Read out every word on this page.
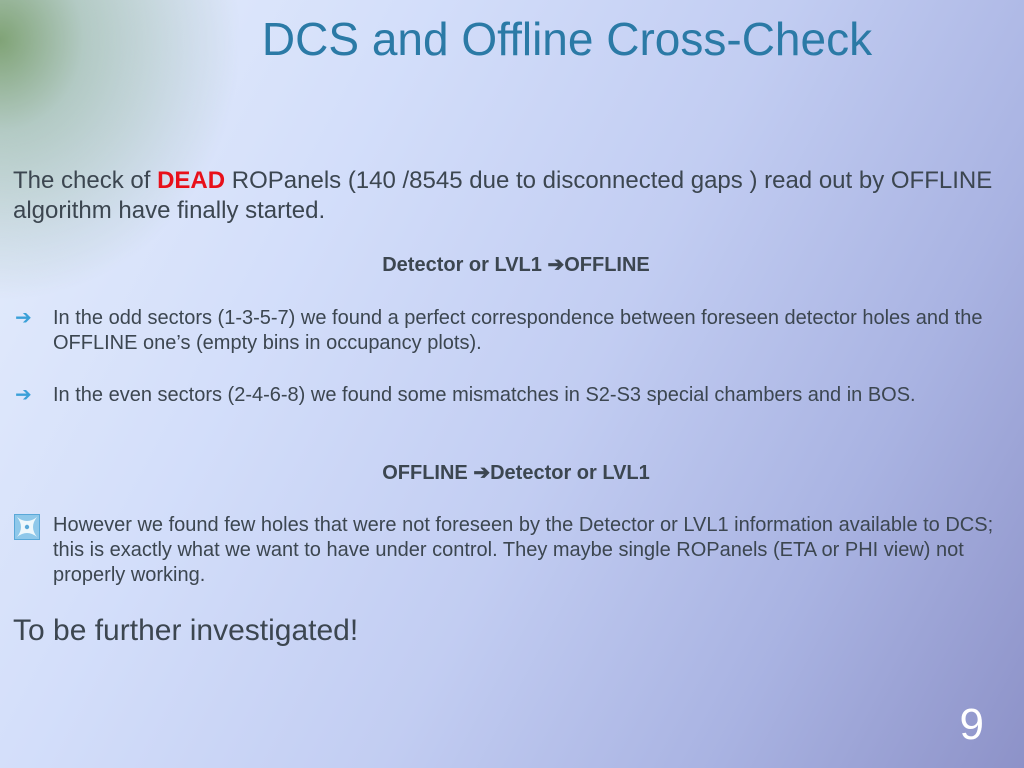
DCS and Offline Cross-Check
The check of DEAD ROPanels (140 /8545 due to disconnected gaps ) read out by OFFLINE algorithm have finally started.
Detector or LVL1 ➔OFFLINE
➔ In the odd sectors (1-3-5-7) we found a perfect correspondence between foreseen detector holes and the OFFLINE one’s (empty bins in occupancy plots).
➔ In the even sectors (2-4-6-8) we found some mismatches in S2-S3 special chambers and in BOS.
OFFLINE ➔Detector or LVL1
However we found few holes that were not foreseen by the Detector or LVL1 information available to DCS; this is exactly what we want to have under control. They maybe single ROPanels (ETA or PHI view) not properly working.
To be further investigated!
9
